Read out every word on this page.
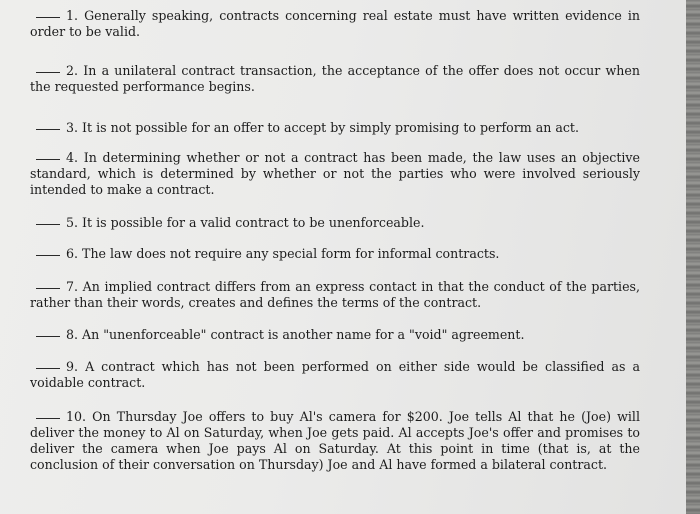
1. Generally speaking, contracts concerning real estate must have written evidence in order to be valid.
2. In a unilateral contract transaction, the acceptance of the offer does not occur when the requested performance begins.
3. It is not possible for an offer to accept by simply promising to perform an act.
4. In determining whether or not a contract has been made, the law uses an objective standard, which is determined by whether or not the parties who were involved seriously intended to make a contract.
5. It is possible for a valid contract to be unenforceable.
6. The law does not require any special form for informal contracts.
7. An implied contract differs from an express contact in that the conduct of the parties, rather than their words, creates and defines the terms of the contract.
8. An "unenforceable" contract is another name for a "void" agreement.
9. A contract which has not been performed on either side would be classified as a voidable contract.
10. On Thursday Joe offers to buy Al's camera for $200. Joe tells Al that he (Joe) will deliver the money to Al on Saturday, when Joe gets paid. Al accepts Joe's offer and promises to deliver the camera when Joe pays Al on Saturday. At this point in time (that is, at the conclusion of their conversation on Thursday) Joe and Al have formed a bilateral contract.
